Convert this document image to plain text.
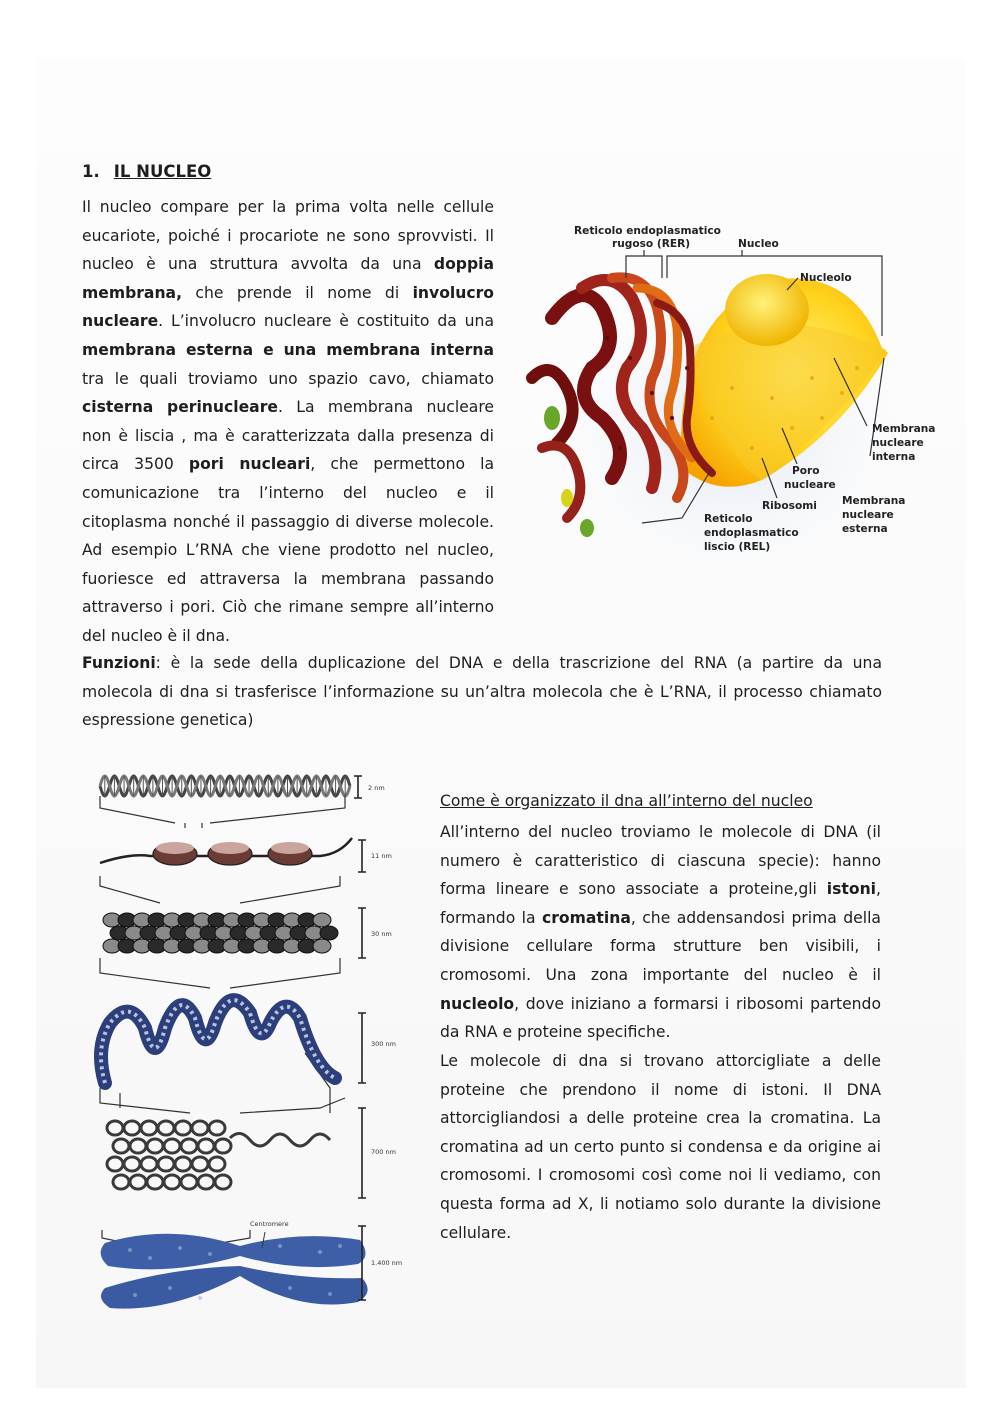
1. IL NUCLEO

Il nucleo compare per la prima volta nelle cellule eucariote, poiché i procariote ne sono sprovvisti. Il nucleo è una struttura avvolta da una doppia membrana, che prende il nome di involucro nucleare. L’involucro nucleare è costituito da una membrana esterna e una membrana interna tra le quali troviamo uno spazio cavo, chiamato cisterna perinucleare. La membrana nucleare non è liscia , ma è caratterizzata dalla presenza di circa 3500 pori nucleari, che permettono la comunicazione tra l’interno del nucleo e il citoplasma nonché il passaggio di diverse molecole. Ad esempio L’RNA che viene prodotto nel nucleo, fuoriesce ed attraversa la membrana passando attraverso i pori. Ciò che rimane sempre all’interno del nucleo è il dna.

Funzioni: è la sede della duplicazione del DNA e della trascrizione del RNA (a partire da una molecola di dna si trasferisce l’informazione su un’altra molecola che è L’RNA, il processo chiamato espressione genetica)

Reticolo endoplasmatico
rugoso (RER)	Nucleo
Nucleolo
Membrana
nucleare
interna
Poro
nucleare
Ribosomi Membrana
nucleare
esterna
Reticolo
endoplasmatico
liscio (REL)
Centromere
2 nm
11 nm
30 nm
300 nm
700 nm
1.400 nm
Come è organizzato il dna all’interno del nucleo

All’interno del nucleo troviamo le molecole di DNA (il numero è caratteristico di ciascuna specie): hanno forma lineare e sono associate a proteine,gli istoni, formando la cromatina, che addensandosi prima della divisione cellulare forma strutture ben visibili, i cromosomi. Una zona importante del nucleo è il nucleolo, dove iniziano a formarsi i ribosomi partendo da RNA e proteine specifiche.

Le molecole di dna si trovano attorcigliate a delle proteine che prendono il nome di istoni. Il DNA attorcigliandosi a delle proteine crea la cromatina. La cromatina ad un certo punto si condensa e da origine ai cromosomi. I cromosomi così come noi li vediamo, con questa forma ad X, li notiamo solo durante la divisione cellulare.
